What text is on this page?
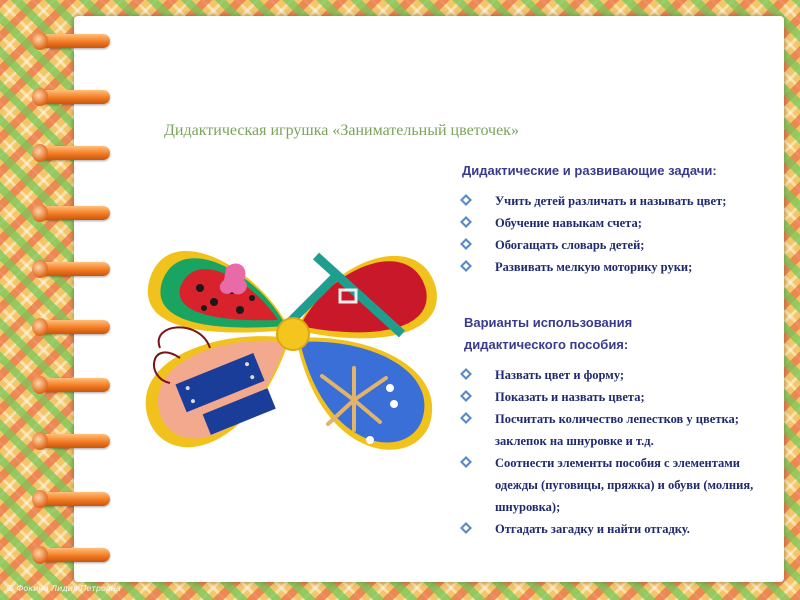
Дидактическая игрушка «Занимательный цветочек»
Дидактические и развивающие задачи:
Учить детей различать и называть цвет;
Обучение навыкам счета;
Обогащать словарь детей;
Развивать мелкую моторику руки;
Варианты использования дидактического пособия:
Назвать цвет и форму;
Показать и назвать цвета;
Посчитать количество лепестков у цветка; заклепок на шнуровке и т.д.
Соотнести элементы пособия с элементами одежды (пуговицы, пряжка) и обуви (молния, шнуровка);
Отгадать загадку и найти отгадку.
© Фокина Лидия Петровна
